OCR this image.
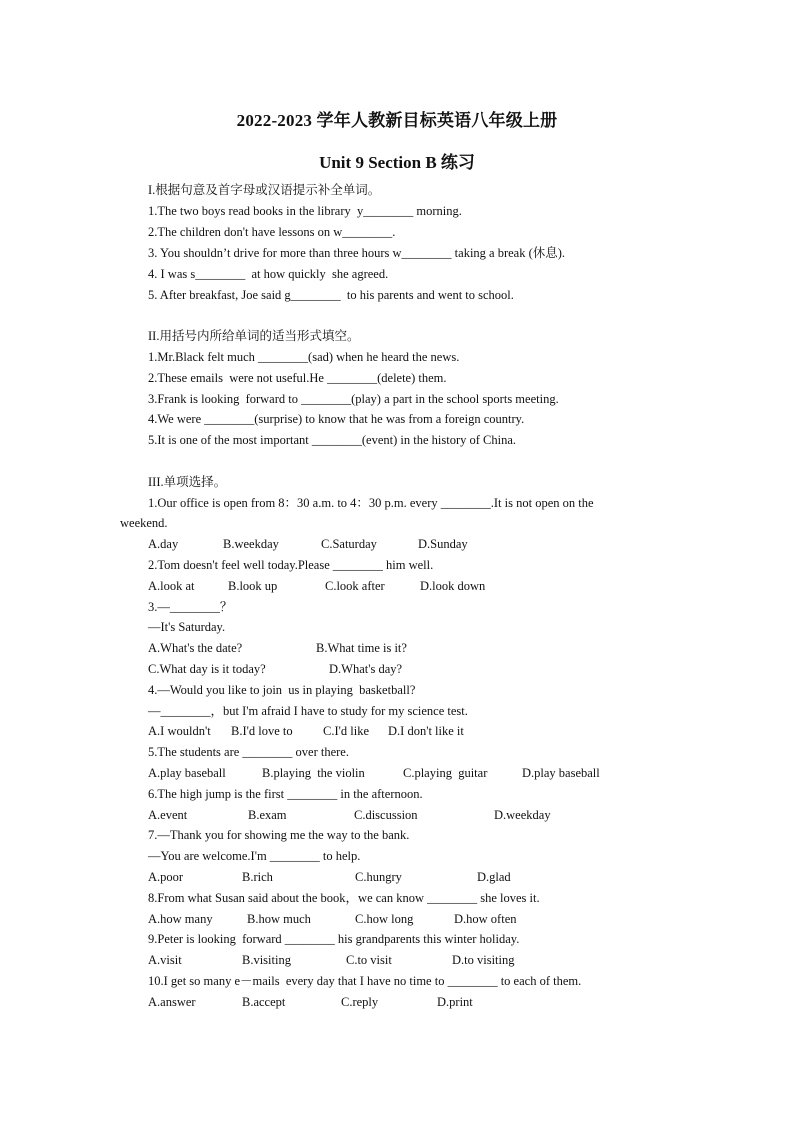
2022-2023 学年人教新目标英语八年级上册
Unit 9 Section B 练习
I.根据句意及首字母或汉语提示补全单词。
1.The two boys read books in the library  y________ morning.
2.The children don't have lessons on w________.
3. You shouldn’t drive for more than three hours w________ taking a break (休息).
4. I was s________  at how quickly  she agreed.
5. After breakfast, Joe said g________  to his parents and went to school.
II.用括号内所给单词的适当形式填空。
1.Mr.Black felt much ________(sad) when he heard the news.
2.These emails  were not useful.He ________(delete) them.
3.Frank is looking  forward to ________(play) a part in the school sports meeting.
4.We were ________(surprise) to know that he was from a foreign country.
5.It is one of the most important ________(event) in the history of China.
III.单项选择。
1.Our office is open from 8：30 a.m. to 4：30 p.m. every ________.It is not open on the
weekend.
A.day	B.weekday	C.Saturday	D.Sunday
2.Tom doesn't feel well today.Please ________ him well.
A.look at	B.look up	C.look after	D.look down
3.—________？
—It's Saturday.
A.What's the date?	B.What time is it?
C.What day is it today?	D.What's day?
4.—Would you like to join  us in playing  basketball?
—________，but I'm afraid I have to study for my science test.
A.I wouldn't B.I'd love to C.I'd like D.I don't like it
5.The students are ________ over there.
A.play baseball	B.playing  the violin	C.playing  guitar	D.play baseball
6.The high jump is the first ________ in the afternoon.
A.event	B.exam	C.discussion	D.weekday
7.—Thank you for showing me the way to the bank.
—You are welcome.I'm ________ to help.
A.poor	B.rich	C.hungry	D.glad
8.From what Susan said about the book，we can know ________ she loves it.
A.how many	B.how much	C.how long	D.how often
9.Peter is looking  forward ________ his grandparents this winter holiday.
A.visit	B.visiting	C.to visit	D.to visiting
10.I get so many e－mails  every day that I have no time to ________ to each of them.
A.answer	B.accept	C.reply	D.print
